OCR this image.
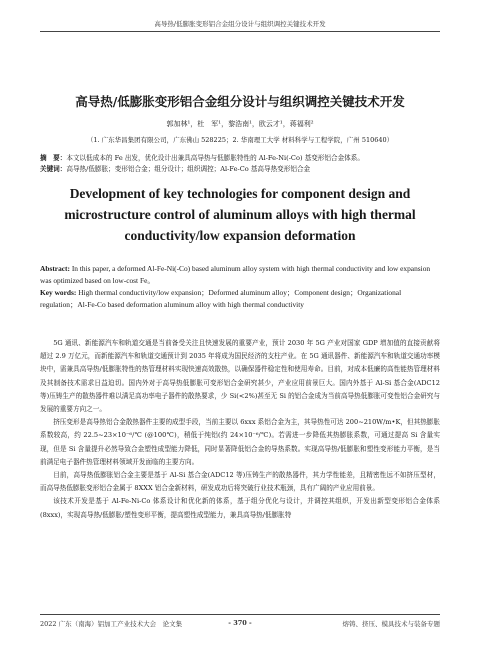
高导热/低膨胀变形铝合金组分设计与组织调控关键技术开发
高导热/低膨胀变形铝合金组分设计与组织调控关键技术开发
郭加林¹，杜　军¹，黎浩南¹，欧云才¹，蒋福利²
（1. 广东华昌集团有限公司，广东佛山 528225；2. 华南理工大学 材料科学与工程学院，广州 510640）
摘　要：本文以低成本的 Fe 出发，优化设计出兼具高导热与低膨胀特性的 Al-Fe-Ni(-Co) 基变形铝合金体系。
关键词：高导热/低膨胀；变形铝合金；组分设计；组织调控；Al-Fe-Co 基高导热变形铝合金
Development of key technologies for component design and
microstructure control of aluminum alloys with high thermal
conductivity/low expansion deformation
Abstract: In this paper, a deformed Al-Fe-Ni(-Co) based aluminum alloy system with high thermal conductivity and low expansion was optimized based on low-cost Fe。
Key words: High thermal conductivity/low expansion；Deformed aluminum alloy；Component design；Organizational regulation；Al-Fe-Co based deformation aluminum alloy with high thermal conductivity

5G 通讯、新能源汽车和轨道交通是当前备受关注且快速发展的重要产业，预计 2030 年 5G 产业对国家 GDP 增加值的直接贡献将超过 2.9 万亿元，而新能源汽车和轨道交通预计到 2035 年将成为国民经济的支柱产业。在 5G 通讯器件、新能源汽车和轨道交通功率模块中，需兼具高导热/低膨胀特性的热管理材料实现快速高效散热，以确保器件稳定性和使用寿命。目前，对成本低廉的高性能热管理材料及其制备技术需求日益迫切。国内外对于高导热低膨胀可变形铝合金研究甚少，产业应用前景巨大。国内外基于 Al-Si 基合金(ADC12 等)压铸生产的散热器件难以满足高功率电子器件的散热要求，少 Si(<2%)甚至无 Si 的铝合金成为当前高导热低膨胀可变性铝合金研究与发展的重要方向之一。

挤压变形是高导热铝合金散热器件主要的成型手段，当前主要以 6xxx 系铝合金为主，其导热性可达 200~210W/m•K，但其热膨胀系数较高，约 22.5~23×10⁻⁶/℃ (@100℃)，稍低于纯铝(约 24×10⁻⁶/℃)。若需进一步降低其热膨胀系数，可通过提高 Si 含量实现，但是 Si 含量提升必然导致合金塑性成型能力降低，同时显著降低铝合金的导热系数。实现高导热/低膨胀和塑性变形能力平衡，是当前满足电子器件热管理材料领域开发面临的主要方向。

目前，高导热低膨胀铝合金主要是基于 Al-Si 基合金(ADC12 等)压铸生产的散热器件，其力学性能差，且精密性远不如挤压型材，而高导热低膨胀变形铝合金属于 8XXX 铝合金新材料，研发成功后将突破行业技术瓶颈，具有广阔的产业应用前景。

该技术开发是基于 Al-Fe-Ni-Co 体系设计和优化新的体系，基于组分优化与设计，并调控其组织，开发出新型变形铝合金体系(8xxx)，实现高导热/低膨胀/塑性变形平衡，提高塑性成型能力，兼具高导热/低膨胀特

2022 广东（南海）铝加工产业技术大会　论文集	- 370 -	熔铸、挤压、模具技术与装备专题
